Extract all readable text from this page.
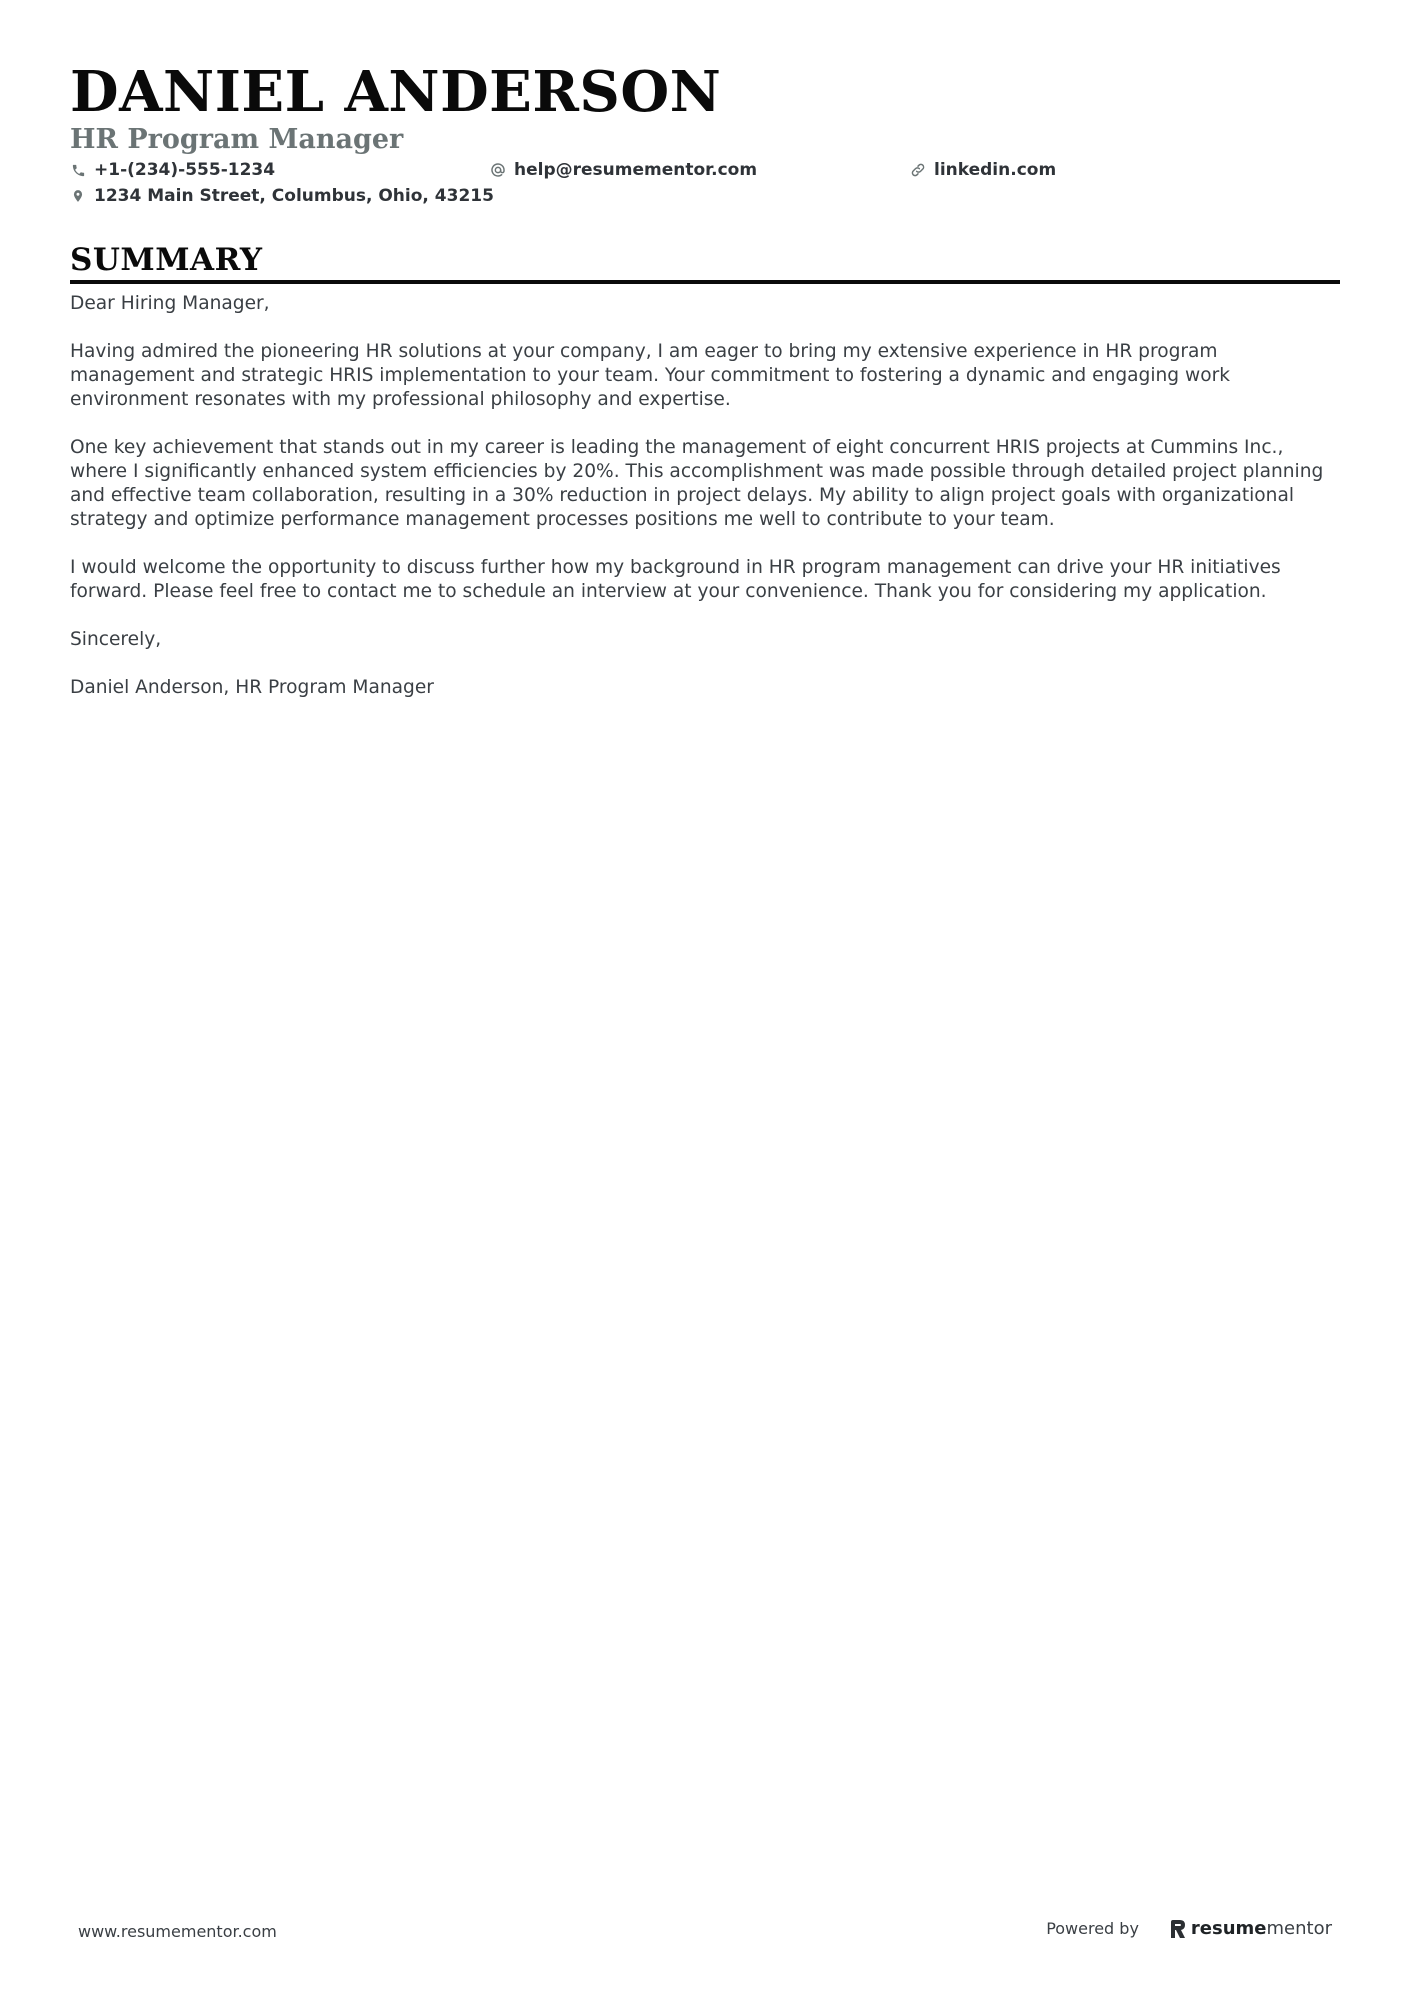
DANIEL ANDERSON
HR Program Manager
+1-(234)-555-1234	help@resumementor.com	linkedin.com
1234 Main Street, Columbus, Ohio, 43215
SUMMARY

Dear Hiring Manager,

Having admired the pioneering HR solutions at your company, I am eager to bring my extensive experience in HR program management and strategic HRIS implementation to your team. Your commitment to fostering a dynamic and engaging work environment resonates with my professional philosophy and expertise.

One key achievement that stands out in my career is leading the management of eight concurrent HRIS projects at Cummins Inc., where I significantly enhanced system efficiencies by 20%. This accomplishment was made possible through detailed project planning and effective team collaboration, resulting in a 30% reduction in project delays. My ability to align project goals with organizational strategy and optimize performance management processes positions me well to contribute to your team.

I would welcome the opportunity to discuss further how my background in HR program management can drive your HR initiatives forward. Please feel free to contact me to schedule an interview at your convenience. Thank you for considering my application.

Sincerely,

Daniel Anderson, HR Program Manager

www.resumementor.com	Powered by	resume mentor
